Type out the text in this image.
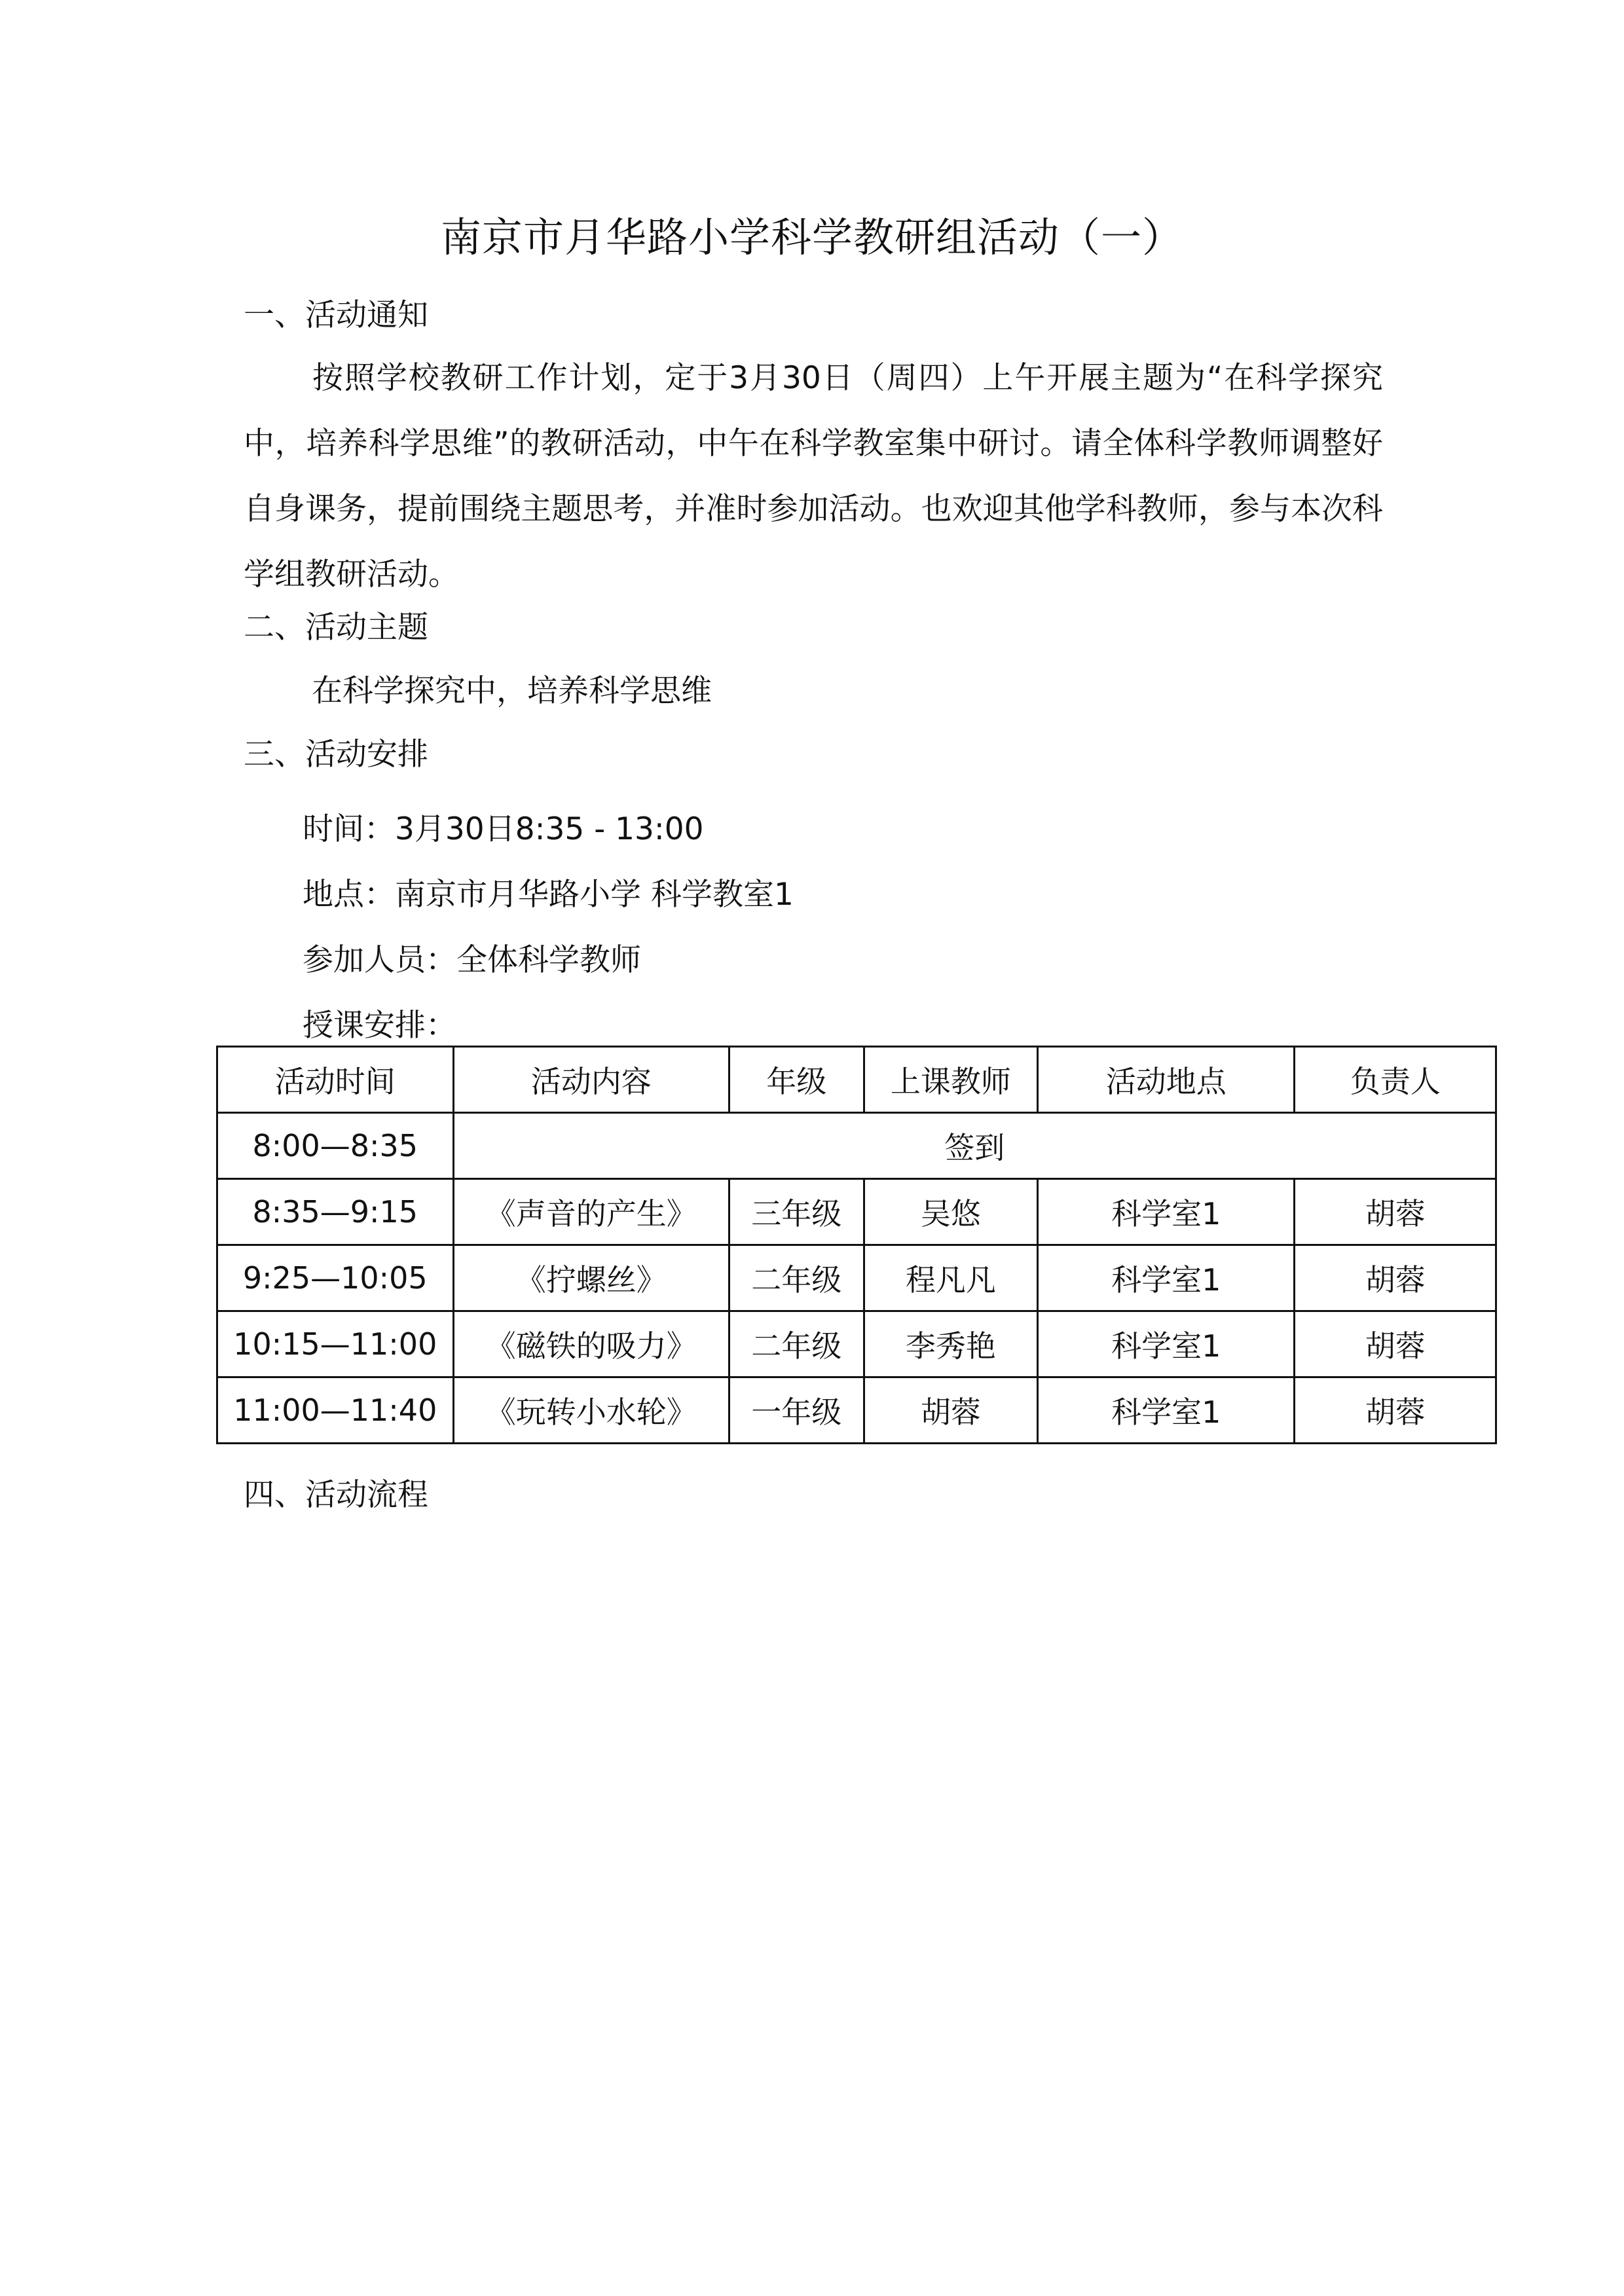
南京市月华路小学科学教研组活动（一）
一、活动通知
按照学校教研工作计划，定于3月30日（周四）上午开展主题为“在科学探究中，培养科学思维”的教研活动，中午在科学教室集中研讨。请全体科学教师调整好自身课务，提前围绕主题思考，并准时参加活动。也欢迎其他学科教师，参与本次科学组教研活动。
二、活动主题
在科学探究中，培养科学思维
三、活动安排
时间：3月30日8:35 - 13:00
地点：南京市月华路小学 科学教室1
参加人员：全体科学教师
授课安排：
活动时间	活动内容	年级	上课教师	活动地点	负责人
8:00—8:35	签到				
8:35—9:15	《声音的产生》	三年级	吴悠	科学室1	胡蓉
9:25—10:05	《拧螺丝》	二年级	程凡凡	科学室1	胡蓉
10:15—11:00	《磁铁的吸力》	二年级	李秀艳	科学室1	胡蓉
11:00—11:40	《玩转小水轮》	一年级	胡蓉	科学室1	胡蓉
四、活动流程
